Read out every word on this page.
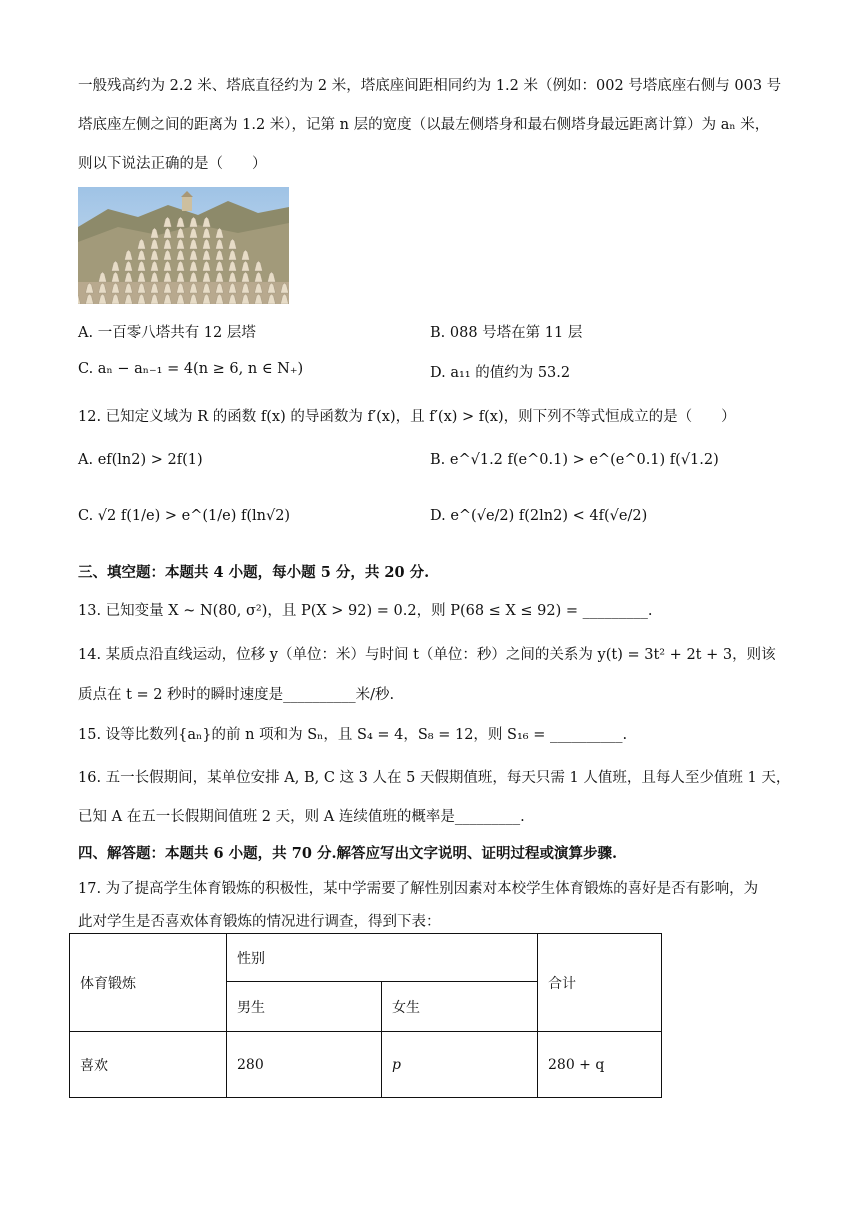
一般残高约为 2.2 米、塔底直径约为 2 米，塔底座间距相同约为 1.2 米（例如：002 号塔底座右侧与 003 号
塔底座左侧之间的距离为 1.2 米），记第 n 层的宽度（以最左侧塔身和最右侧塔身最远距离计算）为 aₙ 米，
则以下说法正确的是（　　）
A. 一百零八塔共有 12 层塔	B. 088 号塔在第 11 层
C. aₙ − aₙ₋₁ = 4(n ≥ 6, n ∈ N₊)	D. a₁₁ 的值约为 53.2
12. 已知定义域为 R 的函数 f(x) 的导函数为 f′(x)，且 f′(x) > f(x)，则下列不等式恒成立的是（　　）
A. ef(ln2) > 2f(1)	B. e^√1.2 f(e^0.1) > e^(e^0.1) f(√1.2)
C. √2 f(1/e) > e^(1/e) f(ln√2)	D. e^(√e/2) f(2ln2) < 4f(√e/2)
三、填空题：本题共 4 小题，每小题 5 分，共 20 分.
13. 已知变量 X ~ N(80, σ²)，且 P(X > 92) = 0.2，则 P(68 ≤ X ≤ 92) = _________.
14. 某质点沿直线运动，位移 y（单位：米）与时间 t（单位：秒）之间的关系为 y(t) = 3t² + 2t + 3，则该
质点在 t = 2 秒时的瞬时速度是__________米/秒.
15. 设等比数列{aₙ}的前 n 项和为 Sₙ，且 S₄ = 4，S₈ = 12，则 S₁₆ = __________.
16. 五一长假期间，某单位安排 A, B, C 这 3 人在 5 天假期值班，每天只需 1 人值班，且每人至少值班 1 天，
已知 A 在五一长假期间值班 2 天，则 A 连续值班的概率是_________.
四、解答题：本题共 6 小题，共 70 分.解答应写出文字说明、证明过程或演算步骤.
17. 为了提高学生体育锻炼的积极性，某中学需要了解性别因素对本校学生体育锻炼的喜好是否有影响，为
此对学生是否喜欢体育锻炼的情况进行调查，得到下表：
体育锻炼	性别		合计
	男生	女生	
喜欢	280	p	280 + q
